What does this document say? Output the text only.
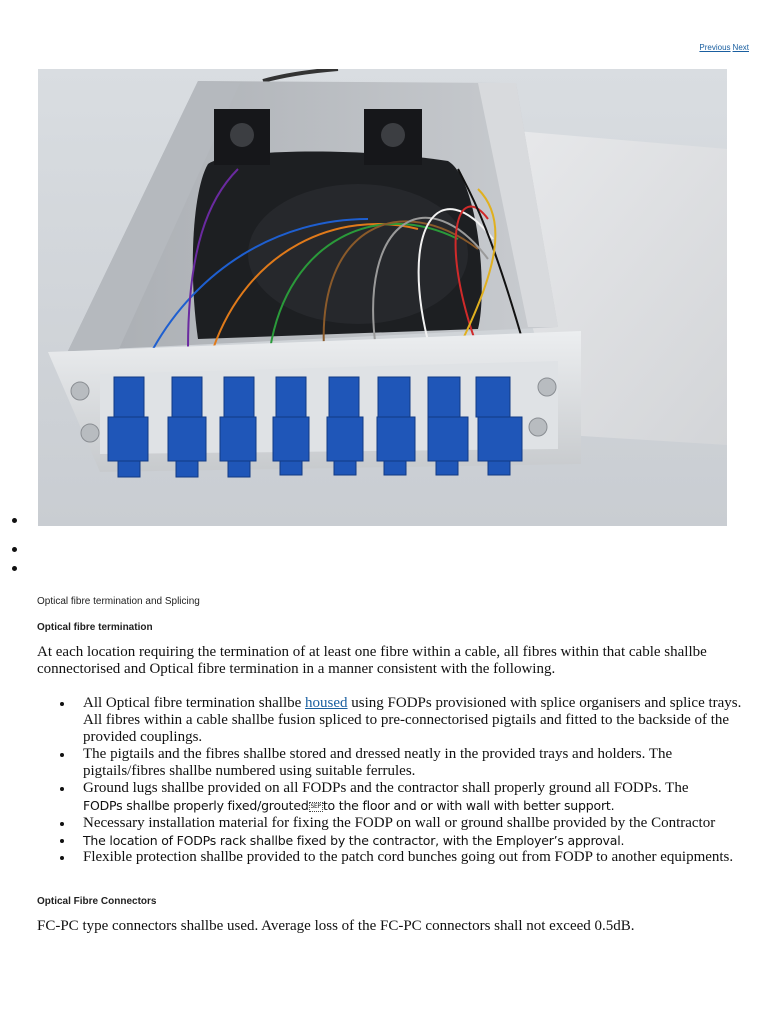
Previous Next
Optical fibre termination and Splicing
Optical fibre termination

At each location requiring the termination of at least one fibre within a cable, all fibres within that cable shallbe connectorised and Optical fibre termination in a manner consistent with the following.

All Optical fibre termination shallbe housed using FODPs provisioned with splice organisers and splice trays. All fibres within a cable shallbe fusion spliced to pre-connectorised pigtails and fitted to the backside of the provided couplings.
The pigtails and the fibres shallbe stored and dressed neatly in the provided trays and holders. The pigtails/fibres shallbe numbered using suitable ferrules.
Ground lugs shallbe provided on all FODPs and the contractor shall properly ground all FODPs. The
FODPs shallbe properly fixed/grouted SEP to the floor and or with wall with better support.
Necessary installation material for fixing the FODP on wall or ground shallbe provided by the Contractor
The location of FODPs rack shallbe fixed by the contractor, with the Employer’s approval.
Flexible protection shallbe provided to the patch cord bunches going out from FODP to another equipments.
Optical Fibre Connectors

FC-PC type connectors shallbe used. Average loss of the FC-PC connectors shall not exceed 0.5dB.
